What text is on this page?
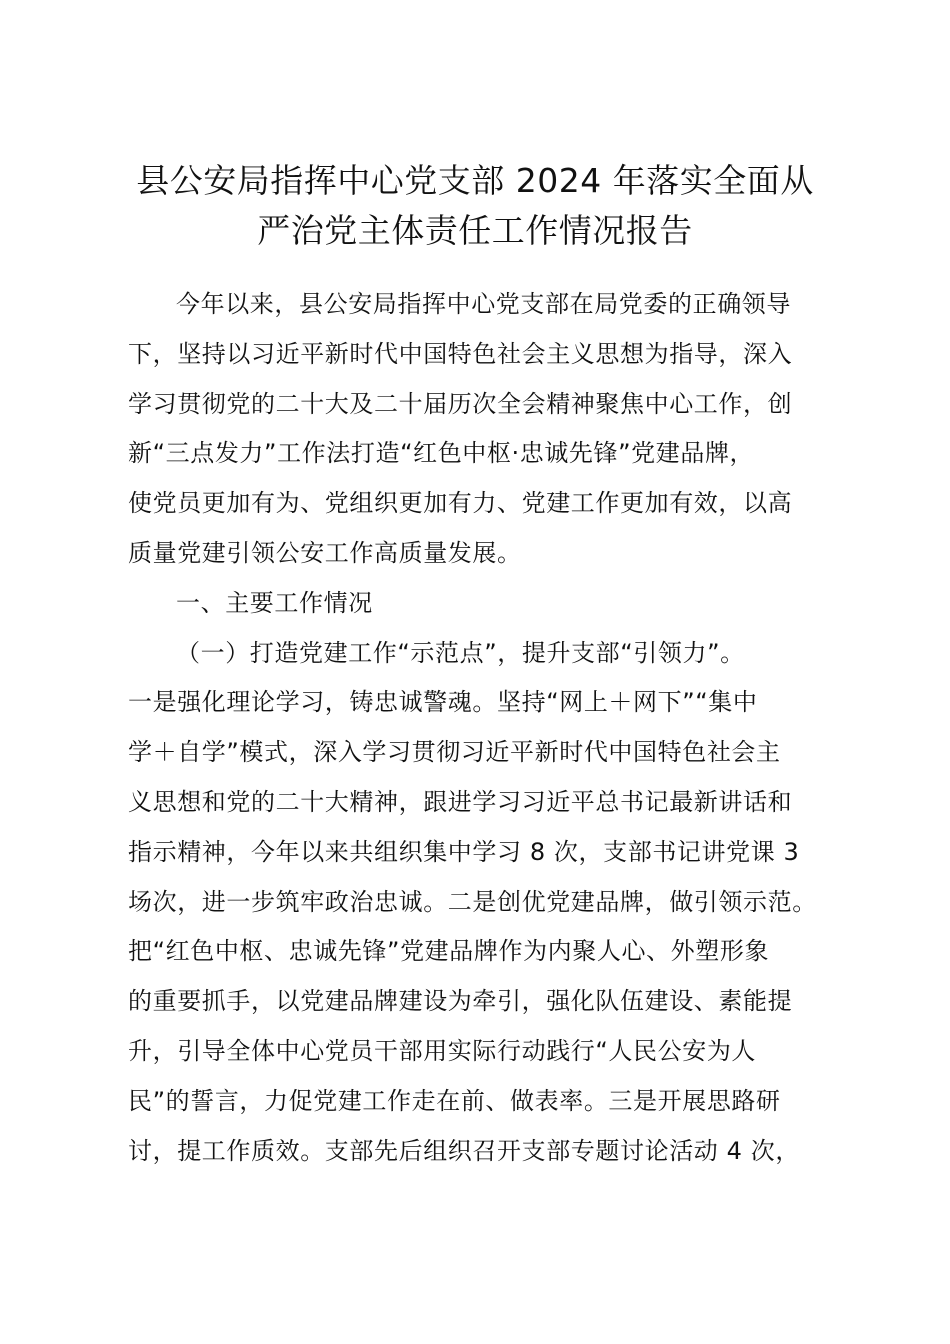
县公安局指挥中心党支部 2024 年落实全面从
严治党主体责任工作情况报告
今年以来，县公安局指挥中心党支部在局党委的正确领导
下，坚持以习近平新时代中国特色社会主义思想为指导，深入
学习贯彻党的二十大及二十届历次全会精神聚焦中心工作，创
新“三点发力”工作法打造“红色中枢·忠诚先锋”党建品牌，
使党员更加有为、党组织更加有力、党建工作更加有效，以高
质量党建引领公安工作高质量发展。
一、主要工作情况
（一）打造党建工作“示范点”，提升支部“引领力”。
一是强化理论学习，铸忠诚警魂。坚持“网上＋网下”“集中
学＋自学”模式，深入学习贯彻习近平新时代中国特色社会主
义思想和党的二十大精神，跟进学习习近平总书记最新讲话和
指示精神，今年以来共组织集中学习 8 次，支部书记讲党课 3
场次，进一步筑牢政治忠诚。二是创优党建品牌，做引领示范。
把“红色中枢、忠诚先锋”党建品牌作为内聚人心、外塑形象
的重要抓手，以党建品牌建设为牵引，强化队伍建设、素能提
升，引导全体中心党员干部用实际行动践行“人民公安为人
民”的誓言，力促党建工作走在前、做表率。三是开展思路研
讨，提工作质效。支部先后组织召开支部专题讨论活动 4 次，
